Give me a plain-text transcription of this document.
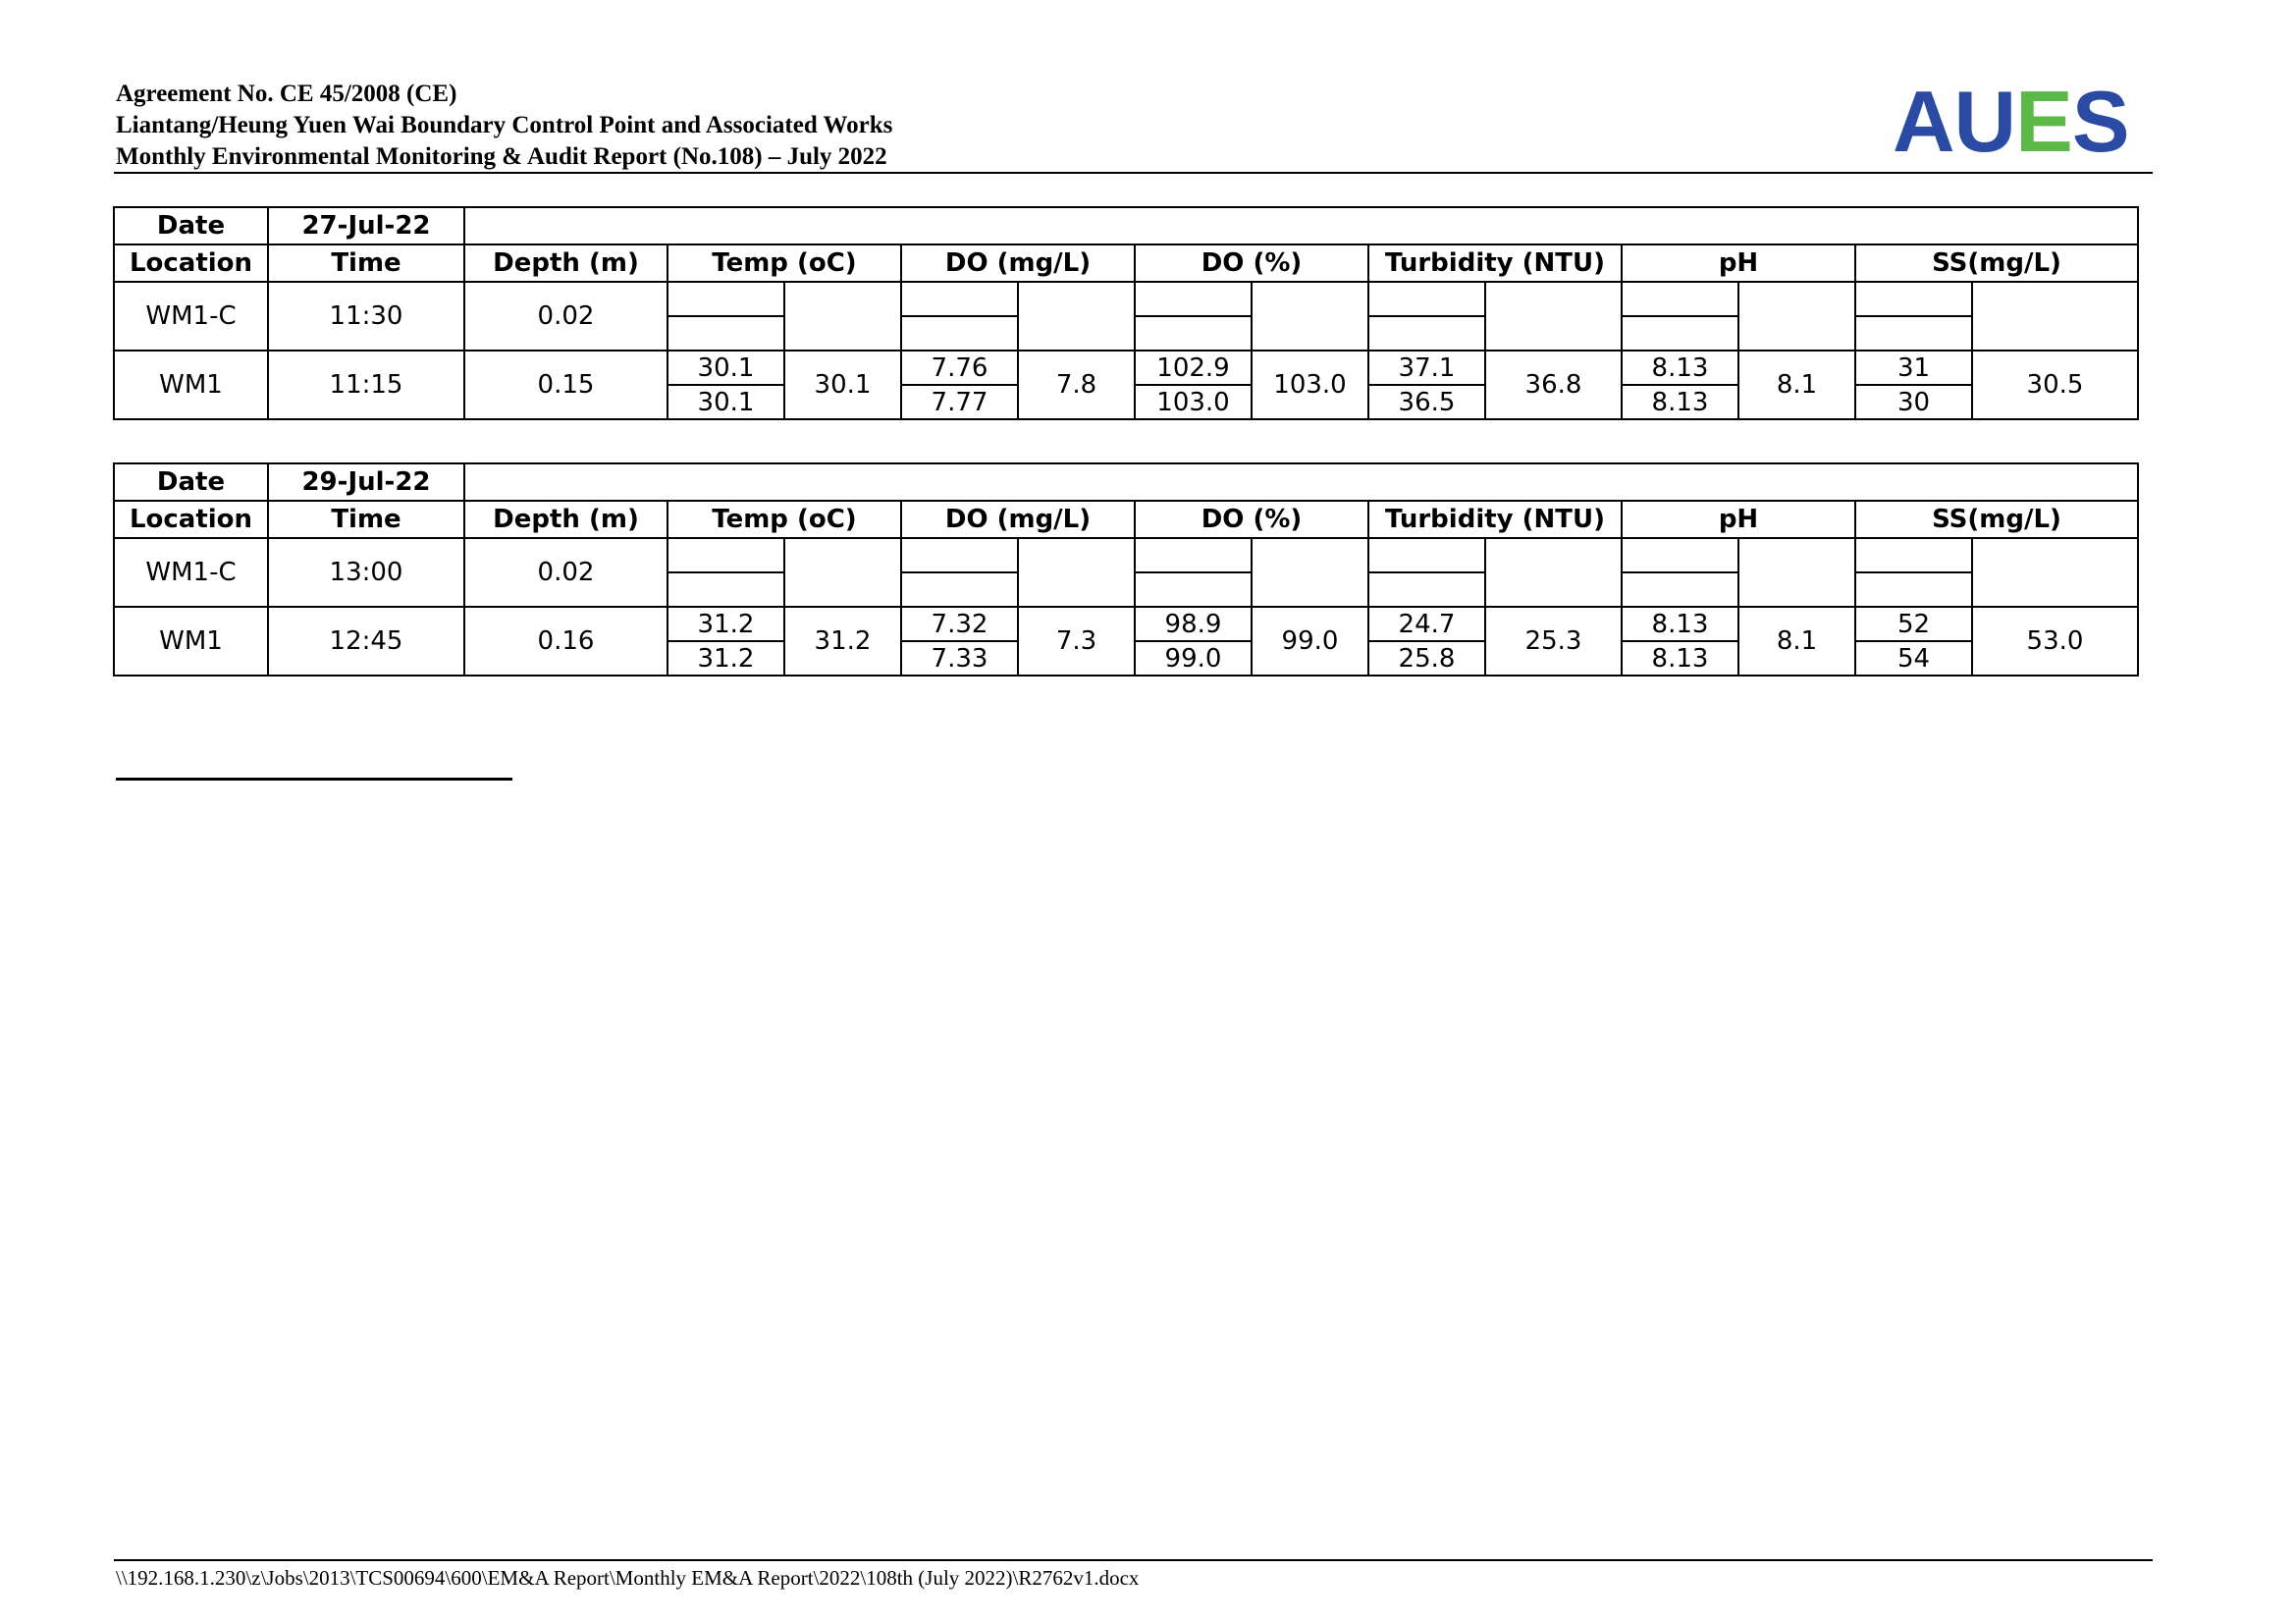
Agreement No. CE 45/2008 (CE)
Liantang/Heung Yuen Wai Boundary Control Point and Associated Works
Monthly Environmental Monitoring & Audit Report (No.108) – July 2022	AUES
Date	27-Jul-22													
Location	Time	Depth (m)	Temp (oC)		DO (mg/L)		DO (%)		Turbidity (NTU)		pH		SS(mg/L)	
WM1-C	11:30	0.02												

WM1	11:15	0.15	30.1	30.1	7.76	7.8	102.9	103.0	37.1	36.8	8.13	8.1	31	30.5
			30.1		7.77		103.0		36.5		8.13		30	
Date	29-Jul-22													
Location	Time	Depth (m)	Temp (oC)		DO (mg/L)		DO (%)		Turbidity (NTU)		pH		SS(mg/L)	
WM1-C	13:00	0.02												

WM1	12:45	0.16	31.2	31.2	7.32	7.3	98.9	99.0	24.7	25.3	8.13	8.1	52	53.0
			31.2		7.33		99.0		25.8		8.13		54	
\\192.168.1.230\z\Jobs\2013\TCS00694\600\EM&A Report\Monthly EM&A Report\2022\108th (July 2022)\R2762v1.docx
